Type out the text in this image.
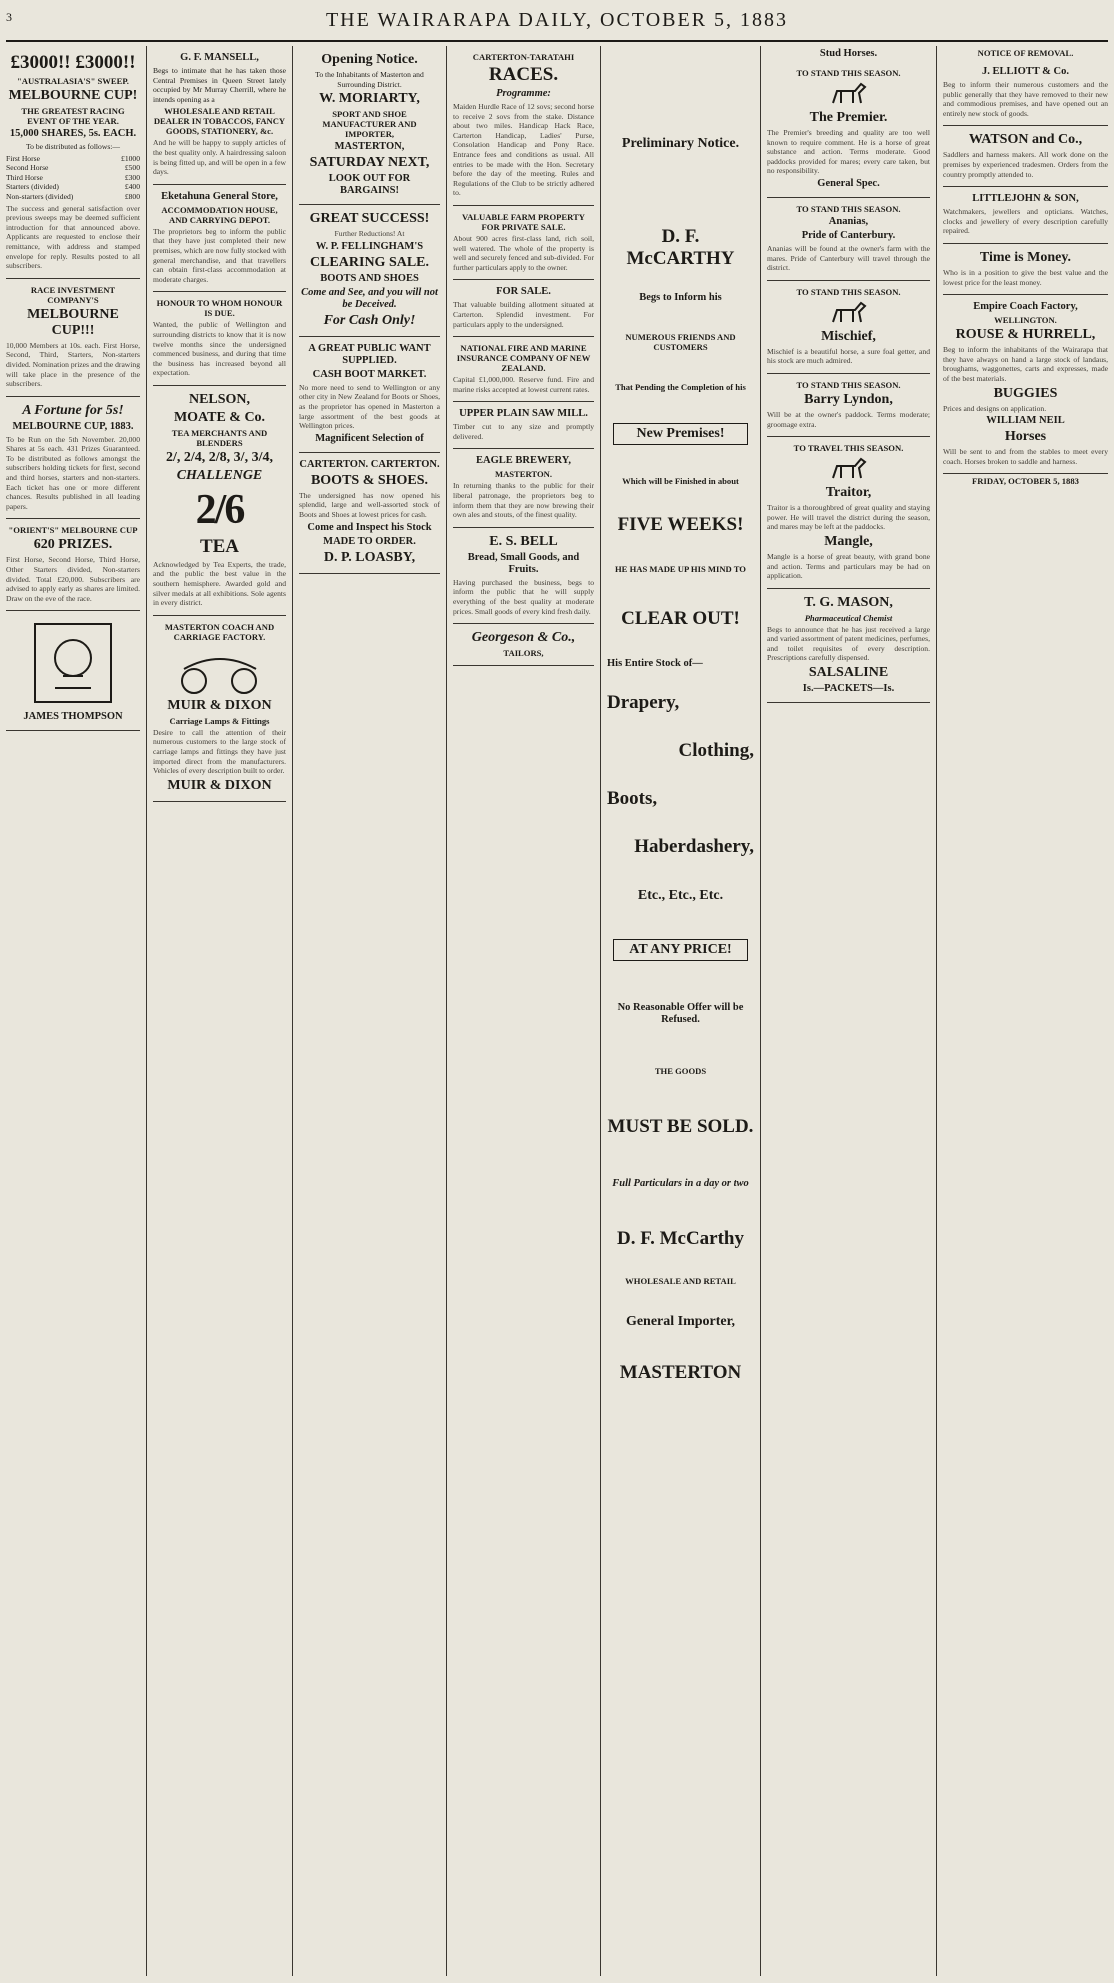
THE WAIRARAPA DAILY, OCTOBER 5, 1883
3
£3000!! £3000!!
"AUSTRALASIA'S" SWEEP.
MELBOURNE CUP!
THE GREATEST RACING EVENT OF THE YEAR.
15,000 SHARES, 5s. EACH.
To be distributed as follows:—
First Horse	£1000
Second Horse	£500
Third Horse	£300
Starters (divided)	£400
Non-starters (divided)	£800
The success and general satisfaction over previous sweeps may be deemed sufficient introduction for that announced above. Applicants are requested to enclose their remittance, with address and stamped envelope for reply. Results posted to all subscribers.
RACE INVESTMENT COMPANY'S
MELBOURNE CUP!!!
10,000 Members at 10s. each. First Horse, Second, Third, Starters, Non-starters divided. Nomination prizes and the drawing will take place in the presence of the subscribers.
A Fortune for 5s!
MELBOURNE CUP, 1883.
To be Run on the 5th November. 20,000 Shares at 5s each. 431 Prizes Guaranteed. To be distributed as follows amongst the subscribers holding tickets for first, second and third horses, starters and non-starters. Each ticket has one or more different chances. Results published in all leading papers.
"ORIENT'S" MELBOURNE CUP
620 PRIZES.
First Horse, Second Horse, Third Horse, Other Starters divided, Non-starters divided. Total £20,000. Subscribers are advised to apply early as shares are limited. Draw on the eve of the race.
JAMES THOMPSON
G. F. MANSELL,
Begs to intimate that he has taken those Central Premises in Queen Street lately occupied by Mr Murray Cherrill, where he intends opening as a
WHOLESALE AND RETAIL DEALER IN TOBACCOS, FANCY GOODS, STATIONERY, &c.
And he will be happy to supply articles of the best quality only. A hairdressing saloon is being fitted up, and will be open in a few days.
Eketahuna General Store,
ACCOMMODATION HOUSE, AND CARRYING DEPOT.
The proprietors beg to inform the public that they have just completed their new premises, which are now fully stocked with general merchandise, and that travellers can obtain first-class accommodation at moderate charges.
HONOUR TO WHOM HONOUR IS DUE.
Wanted, the public of Wellington and surrounding districts to know that it is now twelve months since the undersigned commenced business, and during that time the business has increased beyond all expectation.
NELSON,
MOATE & Co.
TEA MERCHANTS AND BLENDERS
2/, 2/4, 2/8, 3/, 3/4,
CHALLENGE
2/6
TEA
Acknowledged by Tea Experts, the trade, and the public the best value in the southern hemisphere. Awarded gold and silver medals at all exhibitions. Sole agents in every district.
MASTERTON COACH AND CARRIAGE FACTORY.
MUIR & DIXON
Carriage Lamps & Fittings
Desire to call the attention of their numerous customers to the large stock of carriage lamps and fittings they have just imported direct from the manufacturers. Vehicles of every description built to order.
MUIR & DIXON
Opening Notice.
To the Inhabitants of Masterton and Surrounding District.
W. MORIARTY,
SPORT AND SHOE MANUFACTURER AND IMPORTER,
MASTERTON,
SATURDAY NEXT,
LOOK OUT FOR BARGAINS!
GREAT SUCCESS!
Further Reductions! At
W. P. FELLINGHAM'S
CLEARING SALE.
BOOTS AND SHOES
Come and See, and you will not be Deceived.
For Cash Only!
A GREAT PUBLIC WANT SUPPLIED.
CASH BOOT MARKET.
No more need to send to Wellington or any other city in New Zealand for Boots or Shoes, as the proprietor has opened in Masterton a large assortment of the best goods at Wellington prices.
Magnificent Selection of
CARTERTON. CARTERTON.
BOOTS & SHOES.
The undersigned has now opened his splendid, large and well-assorted stock of Boots and Shoes at lowest prices for cash.
Come and Inspect his Stock
MADE TO ORDER.
D. P. LOASBY,
CARTERTON-TARATAHI
RACES.
Programme:
Maiden Hurdle Race of 12 sovs; second horse to receive 2 sovs from the stake. Distance about two miles. Handicap Hack Race, Carterton Handicap, Ladies' Purse, Consolation Handicap and Pony Race. Entrance fees and conditions as usual. All entries to be made with the Hon. Secretary before the day of the meeting. Rules and Regulations of the Club to be strictly adhered to.
VALUABLE FARM PROPERTY FOR PRIVATE SALE.
About 900 acres first-class land, rich soil, well watered. The whole of the property is well and securely fenced and sub-divided. For further particulars apply to the owner.
FOR SALE.
That valuable building allotment situated at Carterton. Splendid investment. For particulars apply to the undersigned.
NATIONAL FIRE AND MARINE INSURANCE COMPANY OF NEW ZEALAND.
Capital £1,000,000. Reserve fund. Fire and marine risks accepted at lowest current rates.
UPPER PLAIN SAW MILL.
Timber cut to any size and promptly delivered.
EAGLE BREWERY,
MASTERTON.
In returning thanks to the public for their liberal patronage, the proprietors beg to inform them that they are now brewing their own ales and stouts, of the finest quality.
E. S. BELL
Bread, Small Goods, and Fruits.
Having purchased the business, begs to inform the public that he will supply everything of the best quality at moderate prices. Small goods of every kind fresh daily.
Georgeson & Co.,
TAILORS,
Preliminary Notice.
D. F. McCARTHY
Begs to Inform his
NUMEROUS FRIENDS AND CUSTOMERS
That Pending the Completion of his
New Premises!
Which will be Finished in about
FIVE WEEKS!
HE HAS MADE UP HIS MIND TO
CLEAR OUT!
His Entire Stock of—
Drapery,
Clothing,
Boots,
Haberdashery,
Etc., Etc., Etc.
AT ANY PRICE!
No Reasonable Offer will be Refused.
THE GOODS
MUST BE SOLD.
Full Particulars in a day or two
D. F. McCarthy
WHOLESALE AND RETAIL
General Importer,
MASTERTON
Stud Horses.
TO STAND THIS SEASON.
The Premier.
The Premier's breeding and quality are too well known to require comment. He is a horse of great substance and action. Terms moderate. Good paddocks provided for mares; every care taken, but no responsibility.
General Spec.
TO STAND THIS SEASON.
Ananias,
Pride of Canterbury.
Ananias will be found at the owner's farm with the mares. Pride of Canterbury will travel through the district.
TO STAND THIS SEASON.
Mischief,
Mischief is a beautiful horse, a sure foal getter, and his stock are much admired.
TO STAND THIS SEASON.
Barry Lyndon,
Will be at the owner's paddock. Terms moderate; groomage extra.
TO TRAVEL THIS SEASON.
Traitor,
Traitor is a thoroughbred of great quality and staying power. He will travel the district during the season, and mares may be left at the paddocks.
Mangle,
Mangle is a horse of great beauty, with grand bone and action. Terms and particulars may be had on application.
T. G. MASON,
Pharmaceutical Chemist
Begs to announce that he has just received a large and varied assortment of patent medicines, perfumes, and toilet requisites of every description. Prescriptions carefully dispensed.
SALSALINE
Is.—PACKETS—Is.
NOTICE OF REMOVAL.
J. ELLIOTT & Co.
Beg to inform their numerous customers and the public generally that they have removed to their new and commodious premises, and have opened out an entirely new stock of goods.
WATSON and Co.,
Saddlers and harness makers. All work done on the premises by experienced tradesmen. Orders from the country promptly attended to.
LITTLEJOHN & SON,
Watchmakers, jewellers and opticians. Watches, clocks and jewellery of every description carefully repaired.
Time is Money.
Who is in a position to give the best value and the lowest price for the least money.
Empire Coach Factory,
WELLINGTON.
ROUSE & HURRELL,
Beg to inform the inhabitants of the Wairarapa that they have always on hand a large stock of landaus, broughams, waggonettes, carts and expresses, made of the best materials.
BUGGIES
Prices and designs on application.
WILLIAM NEIL
Horses
Will be sent to and from the stables to meet every coach. Horses broken to saddle and harness.
FRIDAY, OCTOBER 5, 1883
